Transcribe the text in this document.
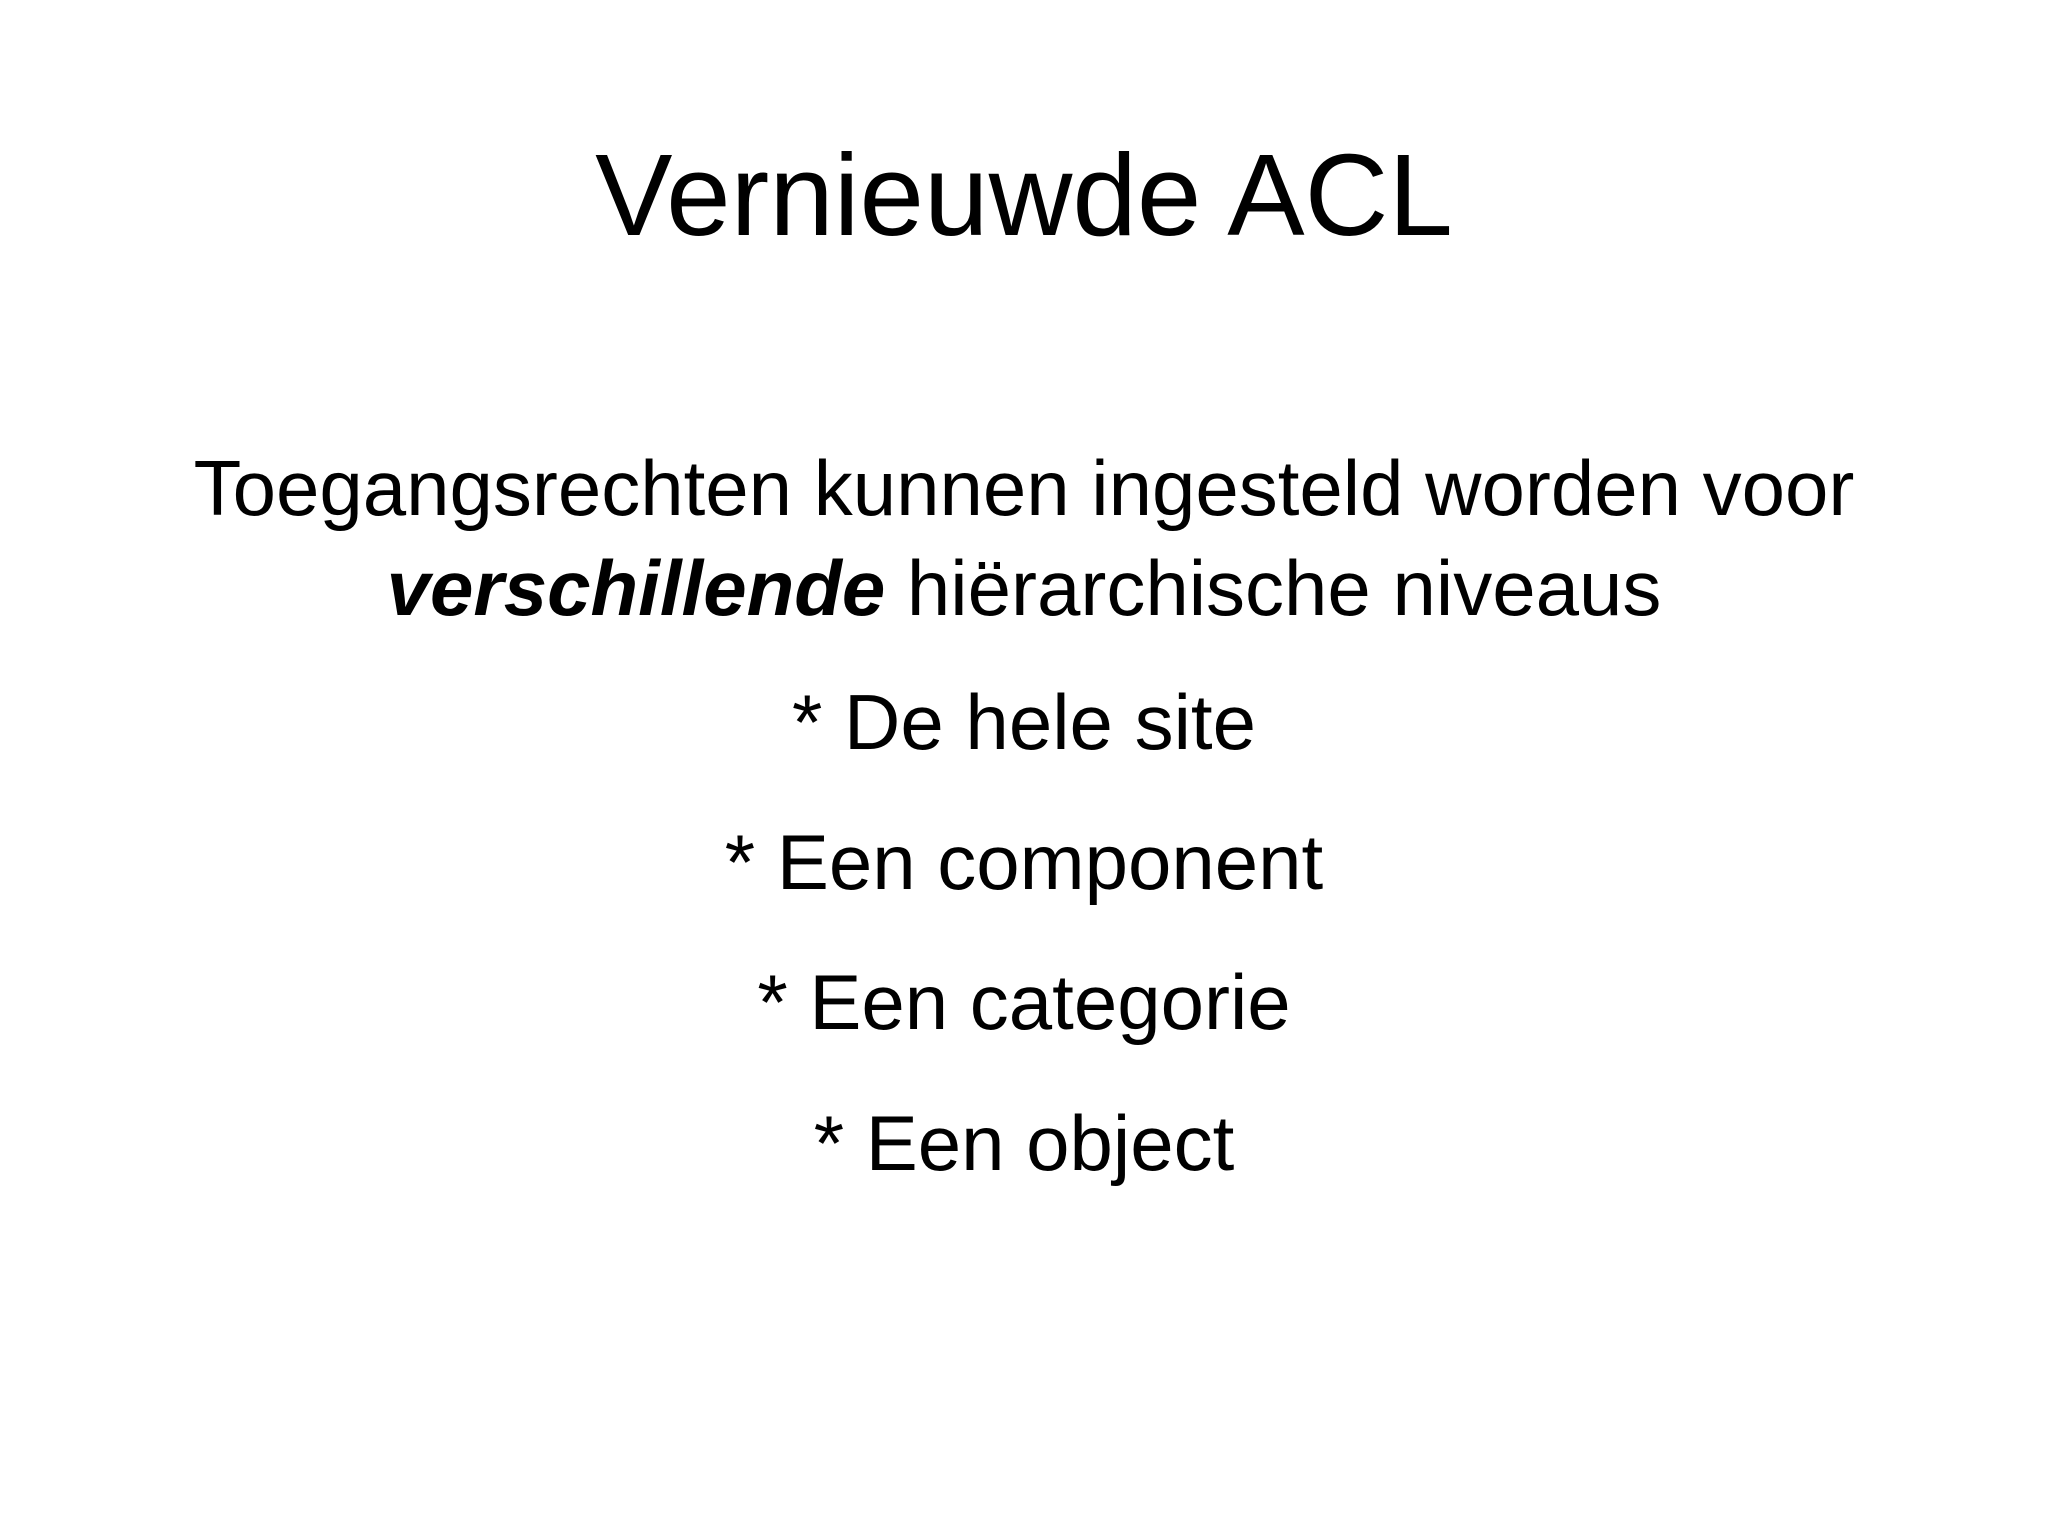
Vernieuwde ACL
Toegangsrechten kunnen ingesteld worden voor
verschillende hiërarchische niveaus
* De hele site
* Een component
* Een categorie
* Een object
